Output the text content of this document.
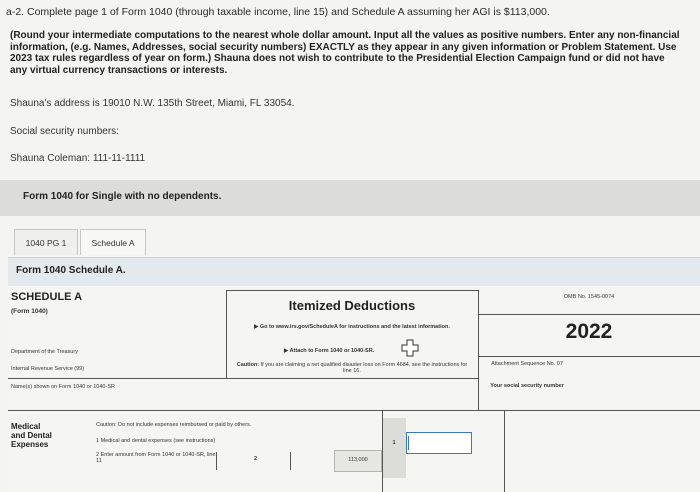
a-2. Complete page 1 of Form 1040 (through taxable income, line 15) and Schedule A assuming her AGI is $113,000.
(Round your intermediate computations to the nearest whole dollar amount. Input all the values as positive numbers. Enter any non-financial information, (e.g. Names, Addresses, social security numbers) EXACTLY as they appear in any given information or Problem Statement. Use 2023 tax rules regardless of year on form.) Shauna does not wish to contribute to the Presidential Election Campaign fund or did not have any virtual currency transactions or interests.
Shauna's address is 19010 N.W. 135th Street, Miami, FL 33054.
Social security numbers:
Shauna Coleman: 111-11-1111
Form 1040 for Single with no dependents.
1040 PG 1	Schedule A
Form 1040 Schedule A.
SCHEDULE A
(Form 1040)
Department of the Treasury
Internal Revenue Service (99)
Itemized Deductions
▶ Go to www.irs.gov/ScheduleA for instructions and the latest information.
▶ Attach to Form 1040 or 1040-SR.
Caution: If you are claiming a net qualified disaster loss on Form 4684, see the instructions for line 16.
OMB No. 1545-0074
2022
Attachment Sequence No. 07
Your social security number
Name(s) shown on Form 1040 or 1040-SR
Medical and Dental Expenses
Caution: Do not include expenses reimbursed or paid by others.
1 Medical and dental expenses (see instructions)
2 Enter amount from Form 1040 or 1040-SR, line 11	2	113,000
1
